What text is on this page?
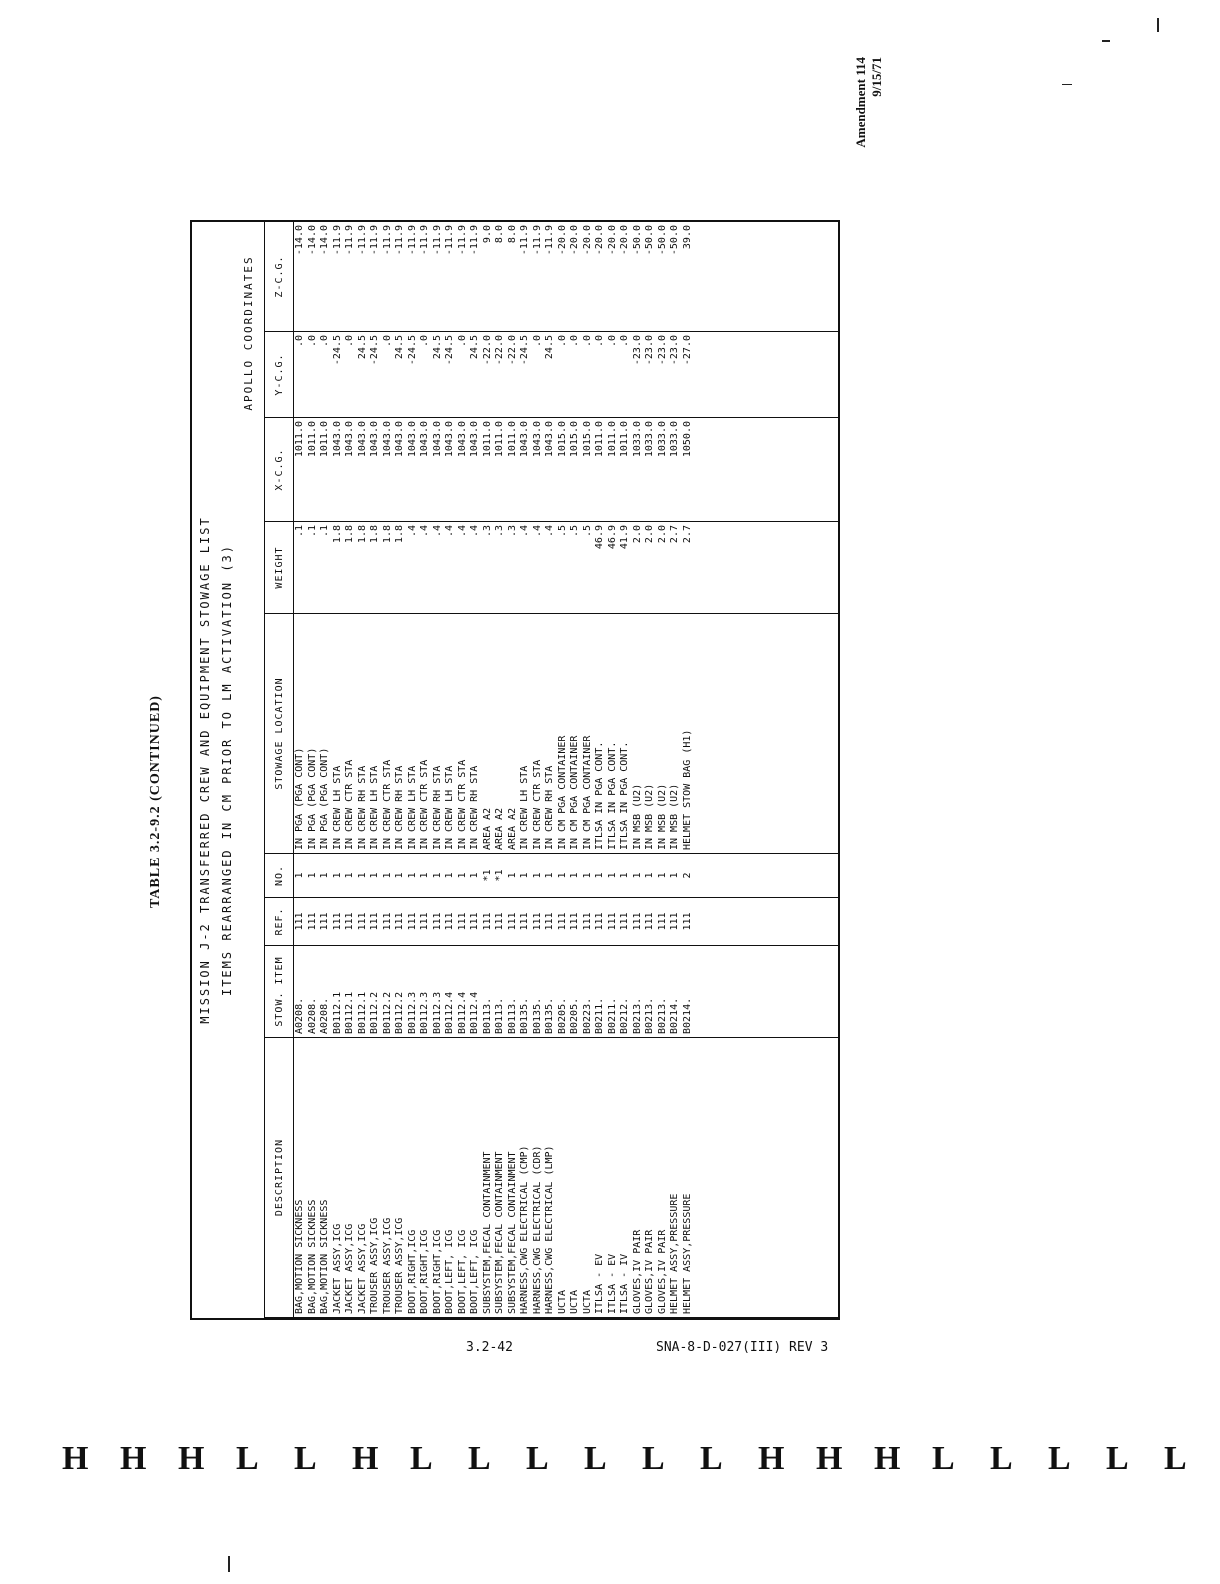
Amendment 114 9/15/71
TABLE 3.2-9.2 (CONTINUED)	MISSION J-2 TRANSFERRED CREW AND EQUIPMENT STOWAGE LIST ITEMS REARRANGED IN CM PRIOR TO LM ACTIVATION (3)
APOLLO COORDINATES
DESCRIPTION	STOW. ITEM	REF.	NO.	STOWAGE LOCATION	WEIGHT	X-C.G.	Y-C.G.	Z-C.G.
BAG,MOTION SICKNESS	A0208.	111	1	IN PGA (PGA CONT)	.1	1011.0	.0	-14.0
BAG,MOTION SICKNESS	A0208.	111	1	IN PGA (PGA CONT)	.1	1011.0	.0	-14.0
BAG,MOTION SICKNESS	A0208.	111	1	IN PGA (PGA CONT)	.1	1011.0	.0	-14.0
JACKET ASSY,ICG	B0112.1	111	1	IN CREW LH STA	1.8	1043.0	-24.5	-11.9
JACKET ASSY,ICG	B0112.1	111	1	IN CREW CTR STA	1.8	1043.0	.0	-11.9
JACKET ASSY,ICG	B0112.1	111	1	IN CREW RH STA	1.8	1043.0	24.5	-11.9
TROUSER ASSY,ICG	B0112.2	111	1	IN CREW LH STA	1.8	1043.0	-24.5	-11.9
TROUSER ASSY,ICG	B0112.2	111	1	IN CREW CTR STA	1.8	1043.0	.0	-11.9
TROUSER ASSY,ICG	B0112.2	111	1	IN CREW RH STA	1.8	1043.0	24.5	-11.9
BOOT,RIGHT,ICG	B0112.3	111	1	IN CREW LH STA	.4	1043.0	-24.5	-11.9
BOOT,RIGHT,ICG	B0112.3	111	1	IN CREW CTR STA	.4	1043.0	.0	-11.9
BOOT,RIGHT,ICG	B0112.3	111	1	IN CREW RH STA	.4	1043.0	24.5	-11.9
BOOT,LEFT, ICG	B0112.4	111	1	IN CREW LH STA	.4	1043.0	-24.5	-11.9
BOOT,LEFT, ICG	B0112.4	111	1	IN CREW CTR STA	.4	1043.0	.0	-11.9
BOOT,LEFT, ICG	B0112.4	111	1	IN CREW RH STA	.4	1043.0	24.5	-11.9
SUBSYSTEM,FECAL CONTAINMENT	B0113.	111	*1	AREA A2	.3	1011.0	-22.0	9.0
SUBSYSTEM,FECAL CONTAINMENT	B0113.	111	*1	AREA A2	.3	1011.0	-22.0	8.0
SUBSYSTEM,FECAL CONTAINMENT	B0113.	111	1	AREA A2	.3	1011.0	-22.0	8.0
HARNESS,CWG ELECTRICAL (CMP)	B0135.	111	1	IN CREW LH STA	.4	1043.0	-24.5	-11.9
HARNESS,CWG ELECTRICAL (CDR)	B0135.	111	1	IN CREW CTR STA	.4	1043.0	.0	-11.9
HARNESS,CWG ELECTRICAL (LMP)	B0135.	111	1	IN CREW RH STA	.4	1043.0	24.5	-11.9
UCTA	B0205.	111	1	IN CM PGA CONTAINER	.5	1015.0	.0	-20.0
UCTA	B0205.	111	1	IN CM PGA CONTAINER	.5	1015.0	.0	-20.0
UCTA	B0223.	111	1	IN CM PGA CONTAINER	.5	1015.0	.0	-20.0
ITLSA - EV	B0211.	111	1	ITLSA IN PGA CONT.	46.9	1011.0	.0	-20.0
ITLSA - EV	B0211.	111	1	ITLSA IN PGA CONT.	46.9	1011.0	.0	-20.0
ITLSA - IV	B0212.	111	1	ITLSA IN PGA CONT.	41.9	1011.0	.0	-20.0
GLOVES,IV PAIR	B0213.	111	1	IN MSB (U2)	2.0	1033.0	-23.0	-50.0
GLOVES,IV PAIR	B0213.	111	1	IN MSB (U2)	2.0	1033.0	-23.0	-50.0
GLOVES,IV PAIR	B0213.	111	1	IN MSB (U2)	2.0	1033.0	-23.0	-50.0
HELMET ASSY,PRESSURE	B0214.	111	1	IN MSB (U2)	2.7	1033.0	-23.0	-50.0
HELMET ASSY,PRESSURE	B0214.	111	2	HELMET STOW BAG (H1)	2.7	1050.0	-27.0	39.0

3.2-42	SNA-8-D-027(III) REV 3
H H H L L H L L L L L L H H H L L L L L
